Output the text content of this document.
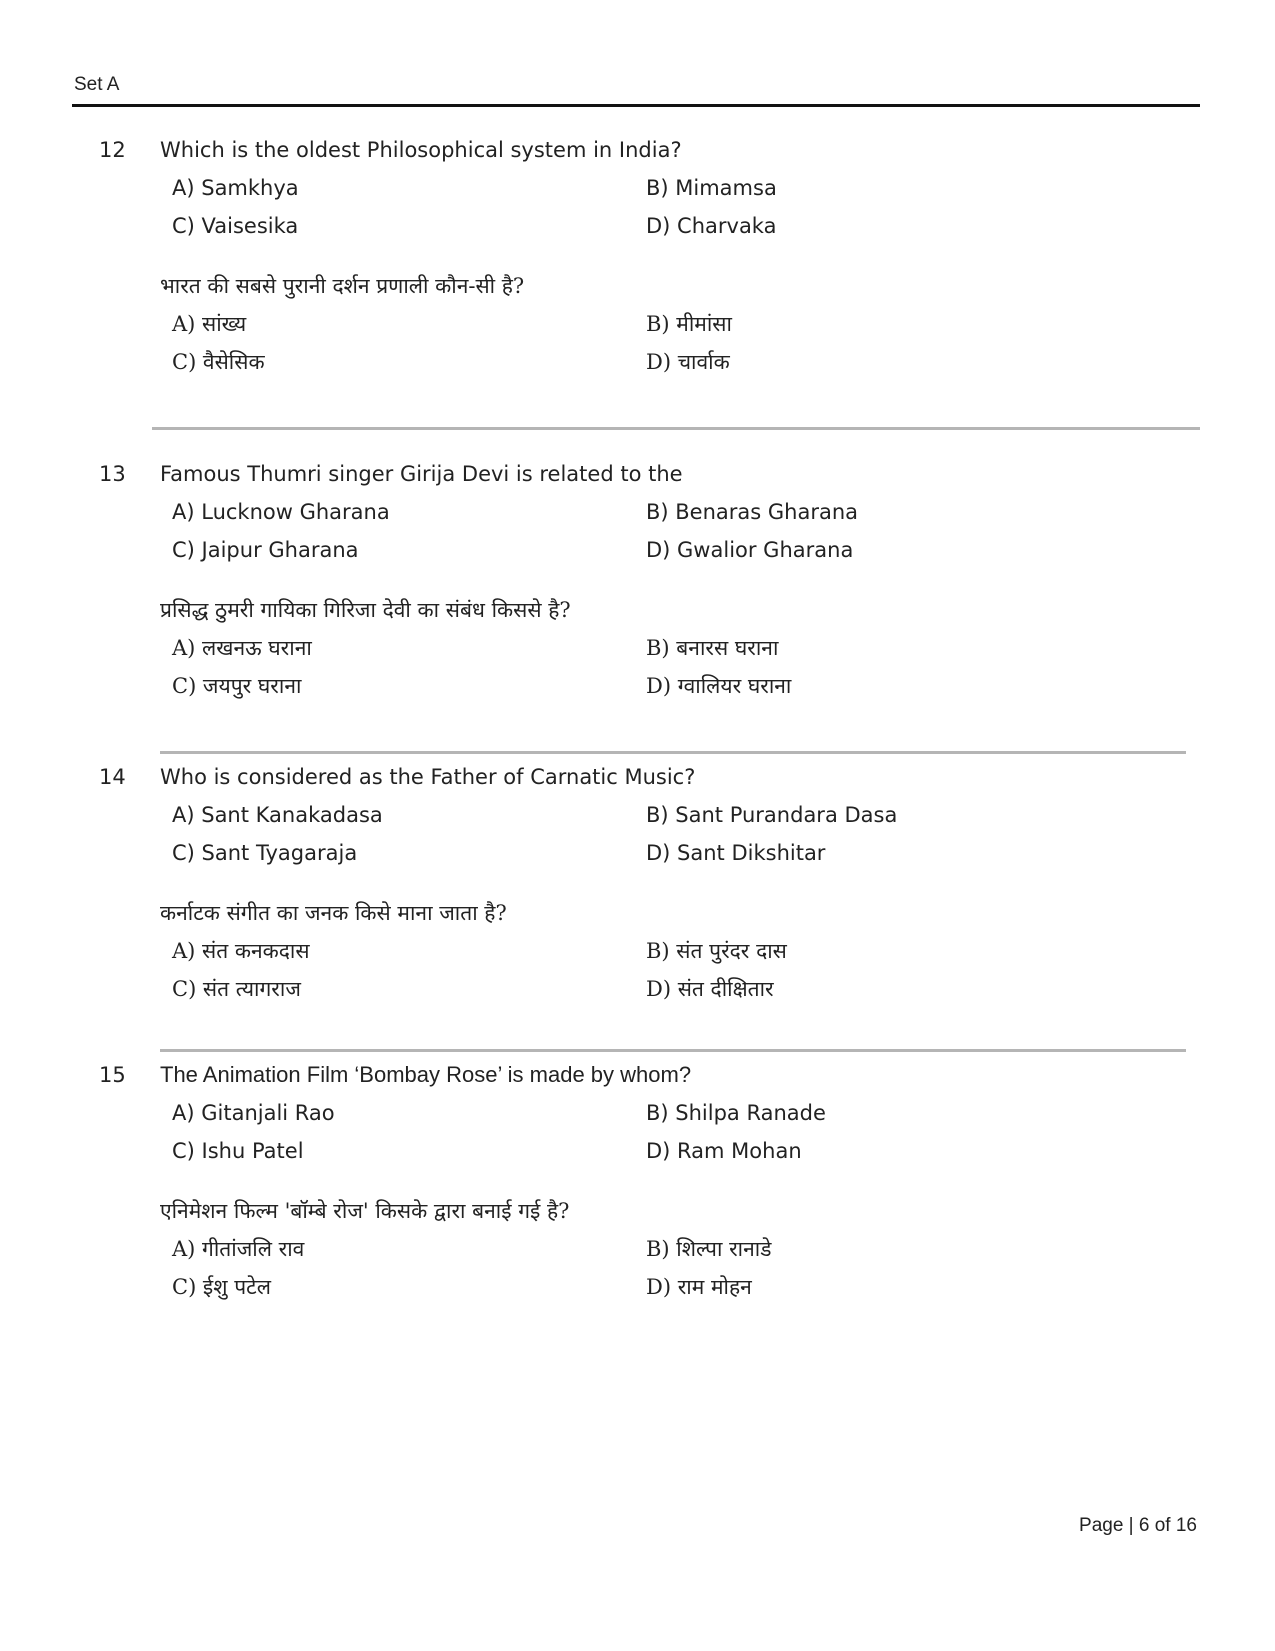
Set A
12 Which is the oldest Philosophical system in India?
A) Samkhya	B) Mimamsa
C) Vaisesika	D) Charvaka
भारत की सबसे पुरानी दर्शन प्रणाली कौन-सी है?
A) सांख्य	B) मीमांसा
C) वैसेसिक	D) चार्वाक
13 Famous Thumri singer Girija Devi is related to the
A) Lucknow Gharana	B) Benaras Gharana
C) Jaipur Gharana	D) Gwalior Gharana
प्रसिद्ध ठुमरी गायिका गिरिजा देवी का संबंध किससे है?
A) लखनऊ घराना	B) बनारस घराना
C) जयपुर घराना	D) ग्वालियर घराना
14 Who is considered as the Father of Carnatic Music?
A) Sant Kanakadasa	B) Sant Purandara Dasa
C) Sant Tyagaraja	D) Sant Dikshitar
कर्नाटक संगीत का जनक किसे माना जाता है?
A) संत कनकदास	B) संत पुरंदर दास
C) संत त्यागराज	D) संत दीक्षितार
15 The Animation Film ‘Bombay Rose’ is made by whom?
A) Gitanjali Rao	B) Shilpa Ranade
C) Ishu Patel	D) Ram Mohan
एनिमेशन फिल्म 'बॉम्बे रोज' किसके द्वारा बनाई गई है?
A) गीतांजलि राव	B) शिल्पा रानाडे
C) ईशु पटेल	D) राम मोहन
Page | 6 of 16
